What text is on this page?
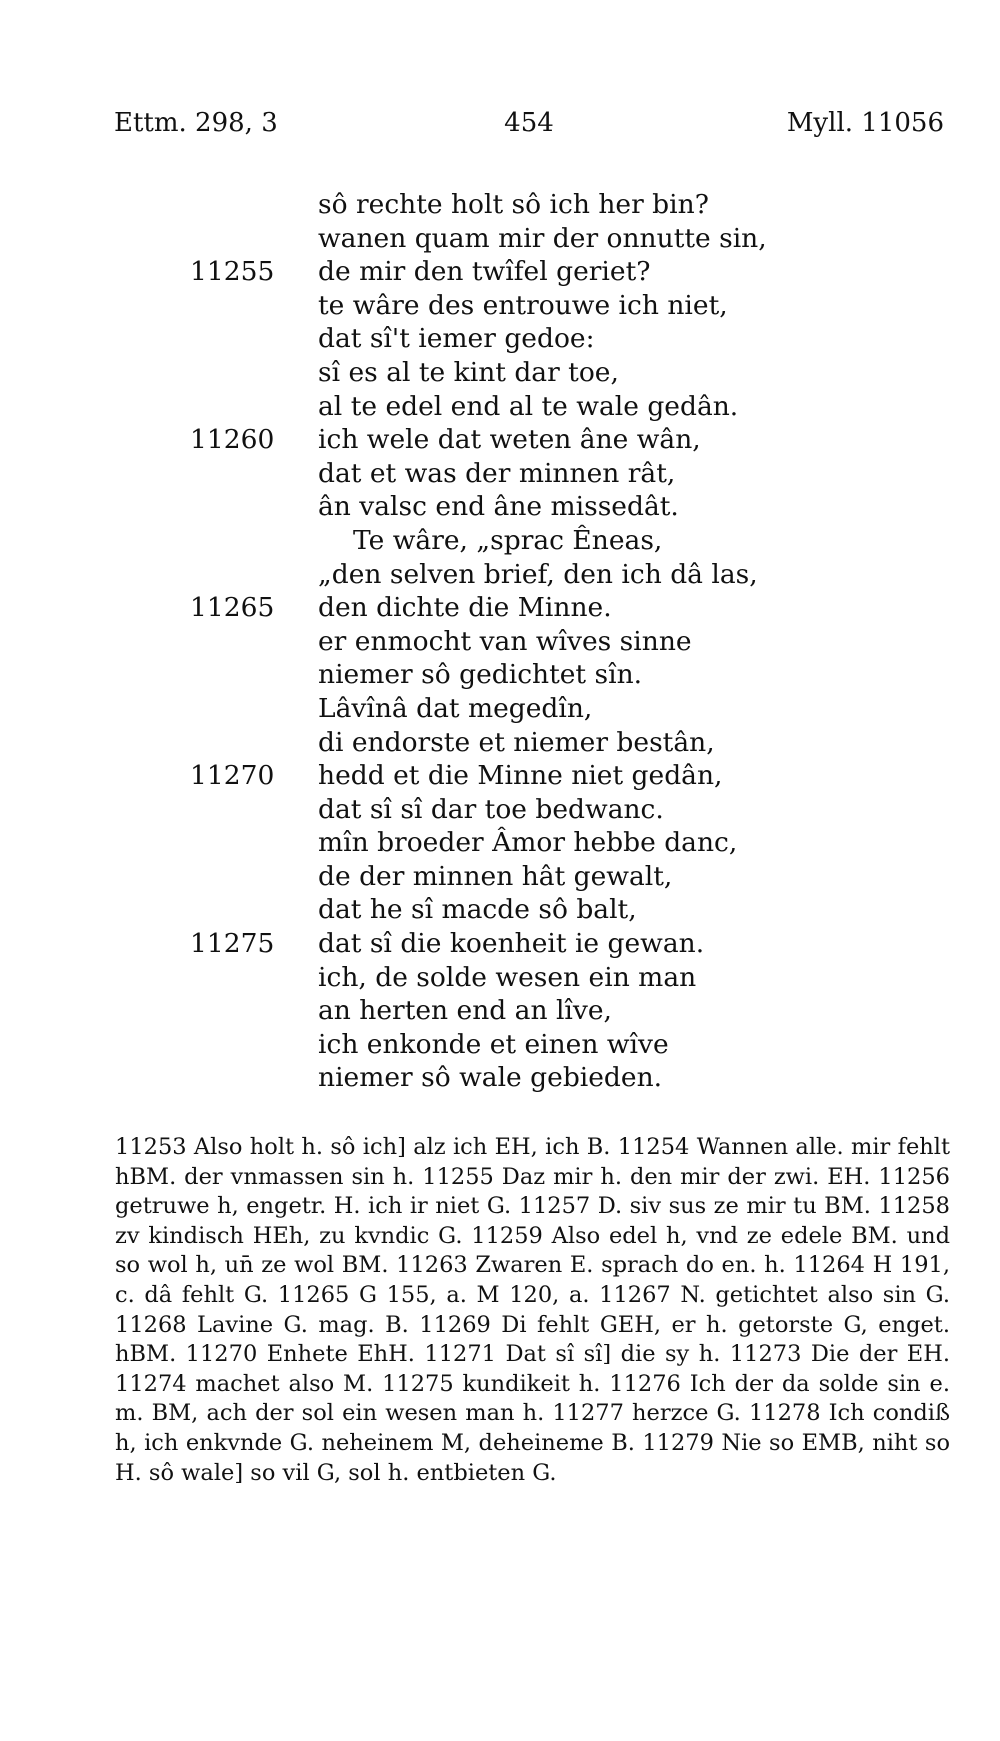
Ettm. 298, 3	454	Myll. 11056
sô rechte holt sô ich her bin?
wanen quam mir der onnutte sin,
11255	de mir den twîfel geriet?
te wâre des entrouwe ich niet,
dat sî't iemer gedoe:
sî es al te kint dar toe,
al te edel end al te wale gedân.
11260	ich wele dat weten âne wân,
dat et was der minnen rât,
ân valsc end âne missedât.
Te wâre, „sprac Êneas,
„den selven brief, den ich dâ las,
11265	den dichte die Minne.
er enmocht van wîves sinne
niemer sô gedichtet sîn.
Lâvînâ dat megedîn,
di endorste et niemer bestân,
11270	hedd et die Minne niet gedân,
dat sî sî dar toe bedwanc.
mîn broeder Âmor hebbe danc,
de der minnen hât gewalt,
dat he sî macde sô balt,
11275	dat sî die koenheit ie gewan.
ich, de solde wesen ein man
an herten end an lîve,
ich enkonde et einen wîve
niemer sô wale gebieden.

11253 Also holt h. sô ich] alz ich EH, ich B. 11254 Wannen alle. mir fehlt hBM. der vnmassen sin h. 11255 Daz mir h. den mir der zwi. EH. 11256 getruwe h, engetr. H. ich ir niet G. 11257 D. siv sus ze mir tu BM. 11258 zv kindisch HEh, zu kvndic G. 11259 Also edel h, vnd ze edele BM. und so wol h, un̄ ze wol BM. 11263 Zwaren E. sprach do en. h. 11264 H 191, c. dâ fehlt G. 11265 G 155, a. M 120, a. 11267 N. getichtet also sin G. 11268 Lavine G. mag. B. 11269 Di fehlt GEH, er h. getorste G, enget. hBM. 11270 Enhete EhH. 11271 Dat sî sî] die sy h. 11273 Die der EH. 11274 machet also M. 11275 kundikeit h. 11276 Ich der da solde sin e. m. BM, ach der sol ein wesen man h. 11277 herzce G. 11278 Ich condiß h, ich enkvnde G. neheinem M, deheineme B. 11279 Nie so EMB, niht so H. sô wale] so vil G, sol h. entbieten G.
